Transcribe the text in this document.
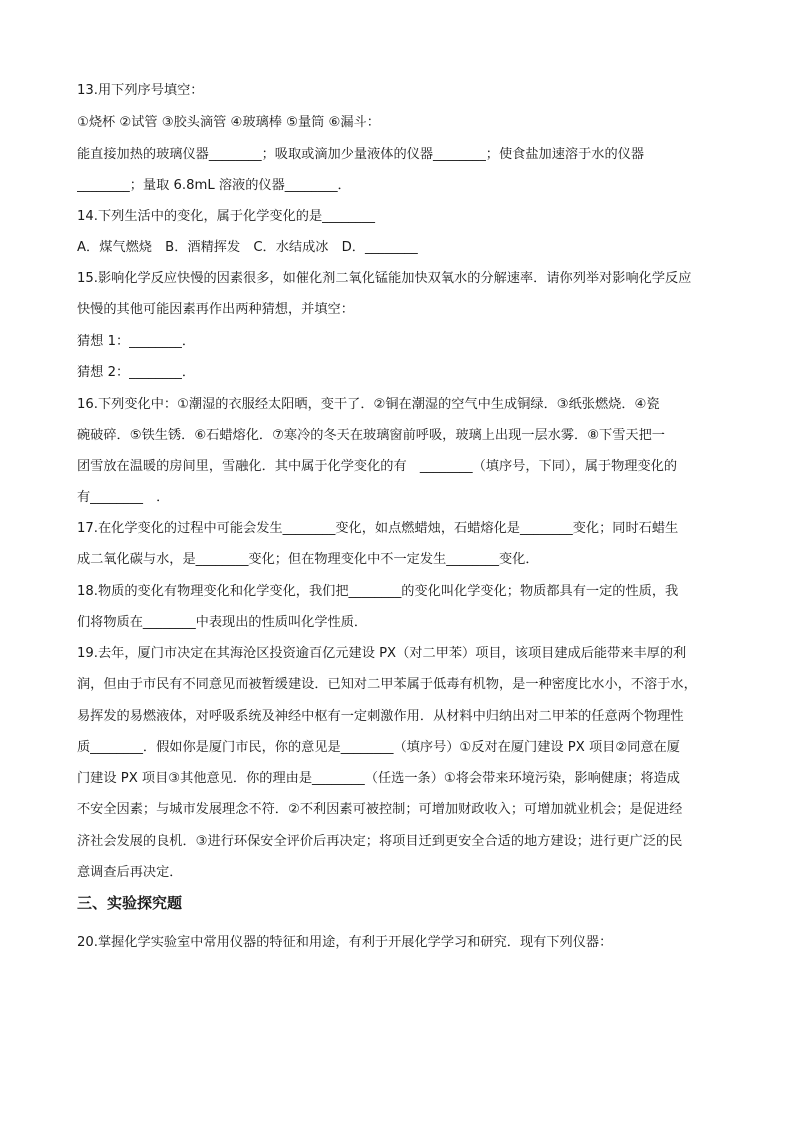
13.用下列序号填空：
①烧杯 ②试管 ③胶头滴管 ④玻璃棒 ⑤量筒 ⑥漏斗：
能直接加热的玻璃仪器________；吸取或滴加少量液体的仪器________；使食盐加速溶于水的仪器
________；量取 6.8mL 溶液的仪器________．
14.下列生活中的变化，属于化学变化的是________
A．煤气燃烧　B．酒精挥发　C．水结成冰　D．________
15.影响化学反应快慢的因素很多，如催化剂二氧化锰能加快双氧水的分解速率．请你列举对影响化学反应
快慢的其他可能因素再作出两种猜想，并填空：
猜想 1：________．
猜想 2：________．
16.下列变化中：①潮湿的衣服经太阳晒，变干了．②铜在潮湿的空气中生成铜绿．③纸张燃烧．④瓷
碗破碎．⑤铁生锈．⑥石蜡熔化．⑦寒冷的冬天在玻璃窗前呼吸，玻璃上出现一层水雾．⑧下雪天把一
团雪放在温暖的房间里，雪融化．其中属于化学变化的有　________（填序号，下同），属于物理变化的
有________　．
17.在化学变化的过程中可能会发生________变化，如点燃蜡烛，石蜡熔化是________变化；同时石蜡生
成二氧化碳与水，是________变化；但在物理变化中不一定发生________变化．
18.物质的变化有物理变化和化学变化，我们把________的变化叫化学变化；物质都具有一定的性质，我
们将物质在________中表现出的性质叫化学性质．
19.去年，厦门市决定在其海沧区投资逾百亿元建设 PX（对二甲苯）项目，该项目建成后能带来丰厚的利
润，但由于市民有不同意见而被暂缓建设．已知对二甲苯属于低毒有机物，是一种密度比水小，不溶于水，
易挥发的易燃液体，对呼吸系统及神经中枢有一定刺激作用．从材料中归纳出对二甲苯的任意两个物理性
质________．假如你是厦门市民，你的意见是________（填序号）①反对在厦门建设 PX 项目②同意在厦
门建设 PX 项目③其他意见．你的理由是________（任选一条）①将会带来环境污染，影响健康；将造成
不安全因素；与城市发展理念不符．②不利因素可被控制；可增加财政收入；可增加就业机会；是促进经
济社会发展的良机．③进行环保安全评价后再决定；将项目迁到更安全合适的地方建设；进行更广泛的民
意调查后再决定．
三、实验探究题
20.掌握化学实验室中常用仪器的特征和用途，有利于开展化学学习和研究．现有下列仪器：
